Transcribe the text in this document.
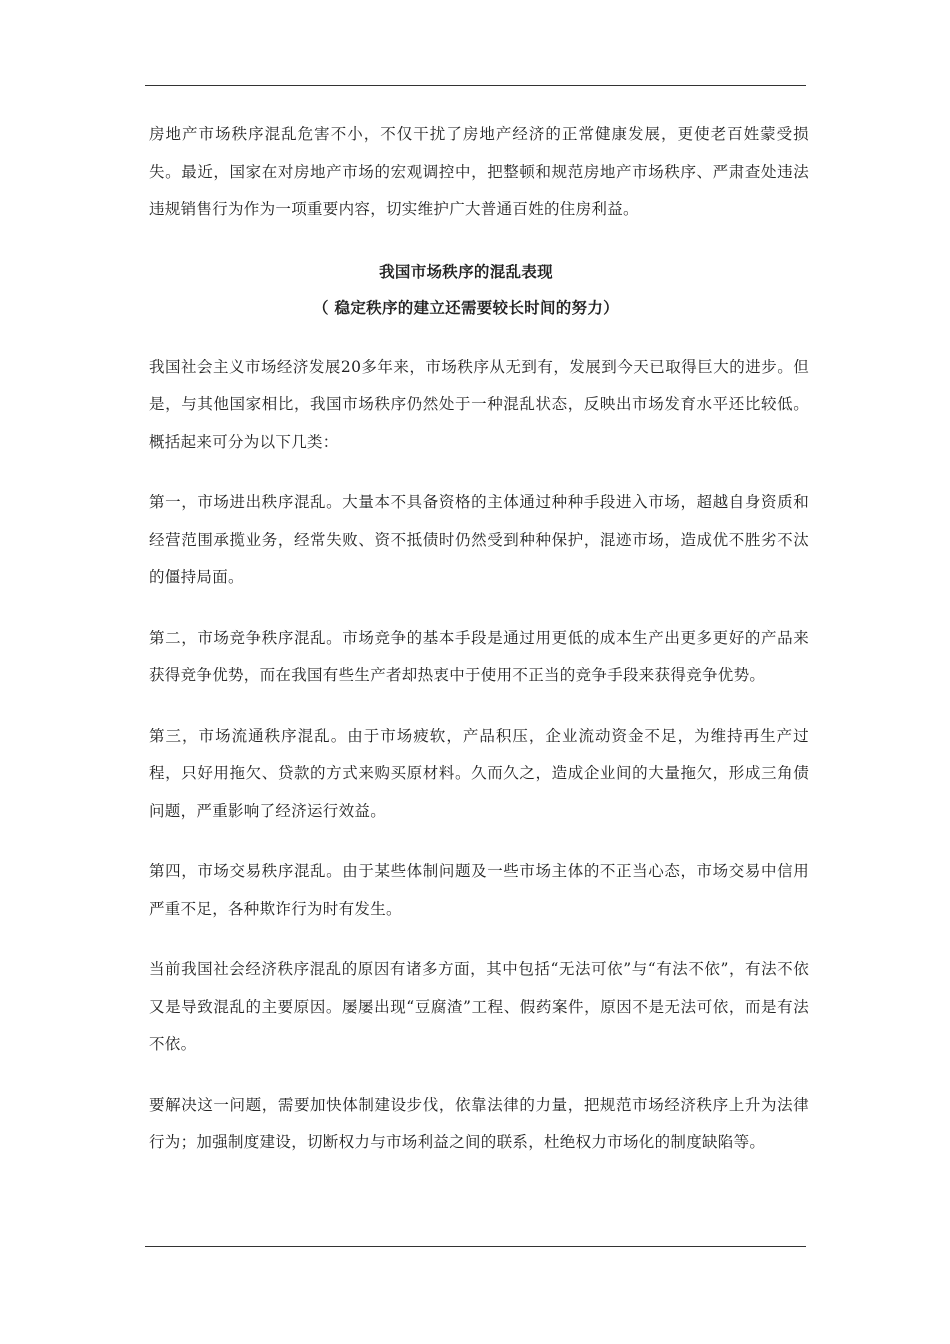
房地产市场秩序混乱危害不小，不仅干扰了房地产经济的正常健康发展，更使老百姓蒙受损失。最近，国家在对房地产市场的宏观调控中，把整顿和规范房地产市场秩序、严肃查处违法违规销售行为作为一项重要内容，切实维护广大普通百姓的住房利益。

我国市场秩序的混乱表现

（ 稳定秩序的建立还需要较长时间的努力）

我国社会主义市场经济发展20多年来，市场秩序从无到有，发展到今天已取得巨大的进步。但是，与其他国家相比，我国市场秩序仍然处于一种混乱状态，反映出市场发育水平还比较低。概括起来可分为以下几类：

第一，市场进出秩序混乱。大量本不具备资格的主体通过种种手段进入市场，超越自身资质和经营范围承揽业务，经常失败、资不抵债时仍然受到种种保护，混迹市场，造成优不胜劣不汰的僵持局面。

第二，市场竞争秩序混乱。市场竞争的基本手段是通过用更低的成本生产出更多更好的产品来获得竞争优势，而在我国有些生产者却热衷中于使用不正当的竞争手段来获得竞争优势。

第三，市场流通秩序混乱。由于市场疲软，产品积压，企业流动资金不足，为维持再生产过程，只好用拖欠、贷款的方式来购买原材料。久而久之，造成企业间的大量拖欠，形成三角债问题，严重影响了经济运行效益。

第四，市场交易秩序混乱。由于某些体制问题及一些市场主体的不正当心态，市场交易中信用严重不足，各种欺诈行为时有发生。

当前我国社会经济秩序混乱的原因有诸多方面，其中包括“无法可依”与“有法不依”，有法不依又是导致混乱的主要原因。屡屡出现“豆腐渣”工程、假药案件，原因不是无法可依，而是有法不依。

要解决这一问题，需要加快体制建设步伐，依靠法律的力量，把规范市场经济秩序上升为法律行为；加强制度建设，切断权力与市场利益之间的联系，杜绝权力市场化的制度缺陷等。
